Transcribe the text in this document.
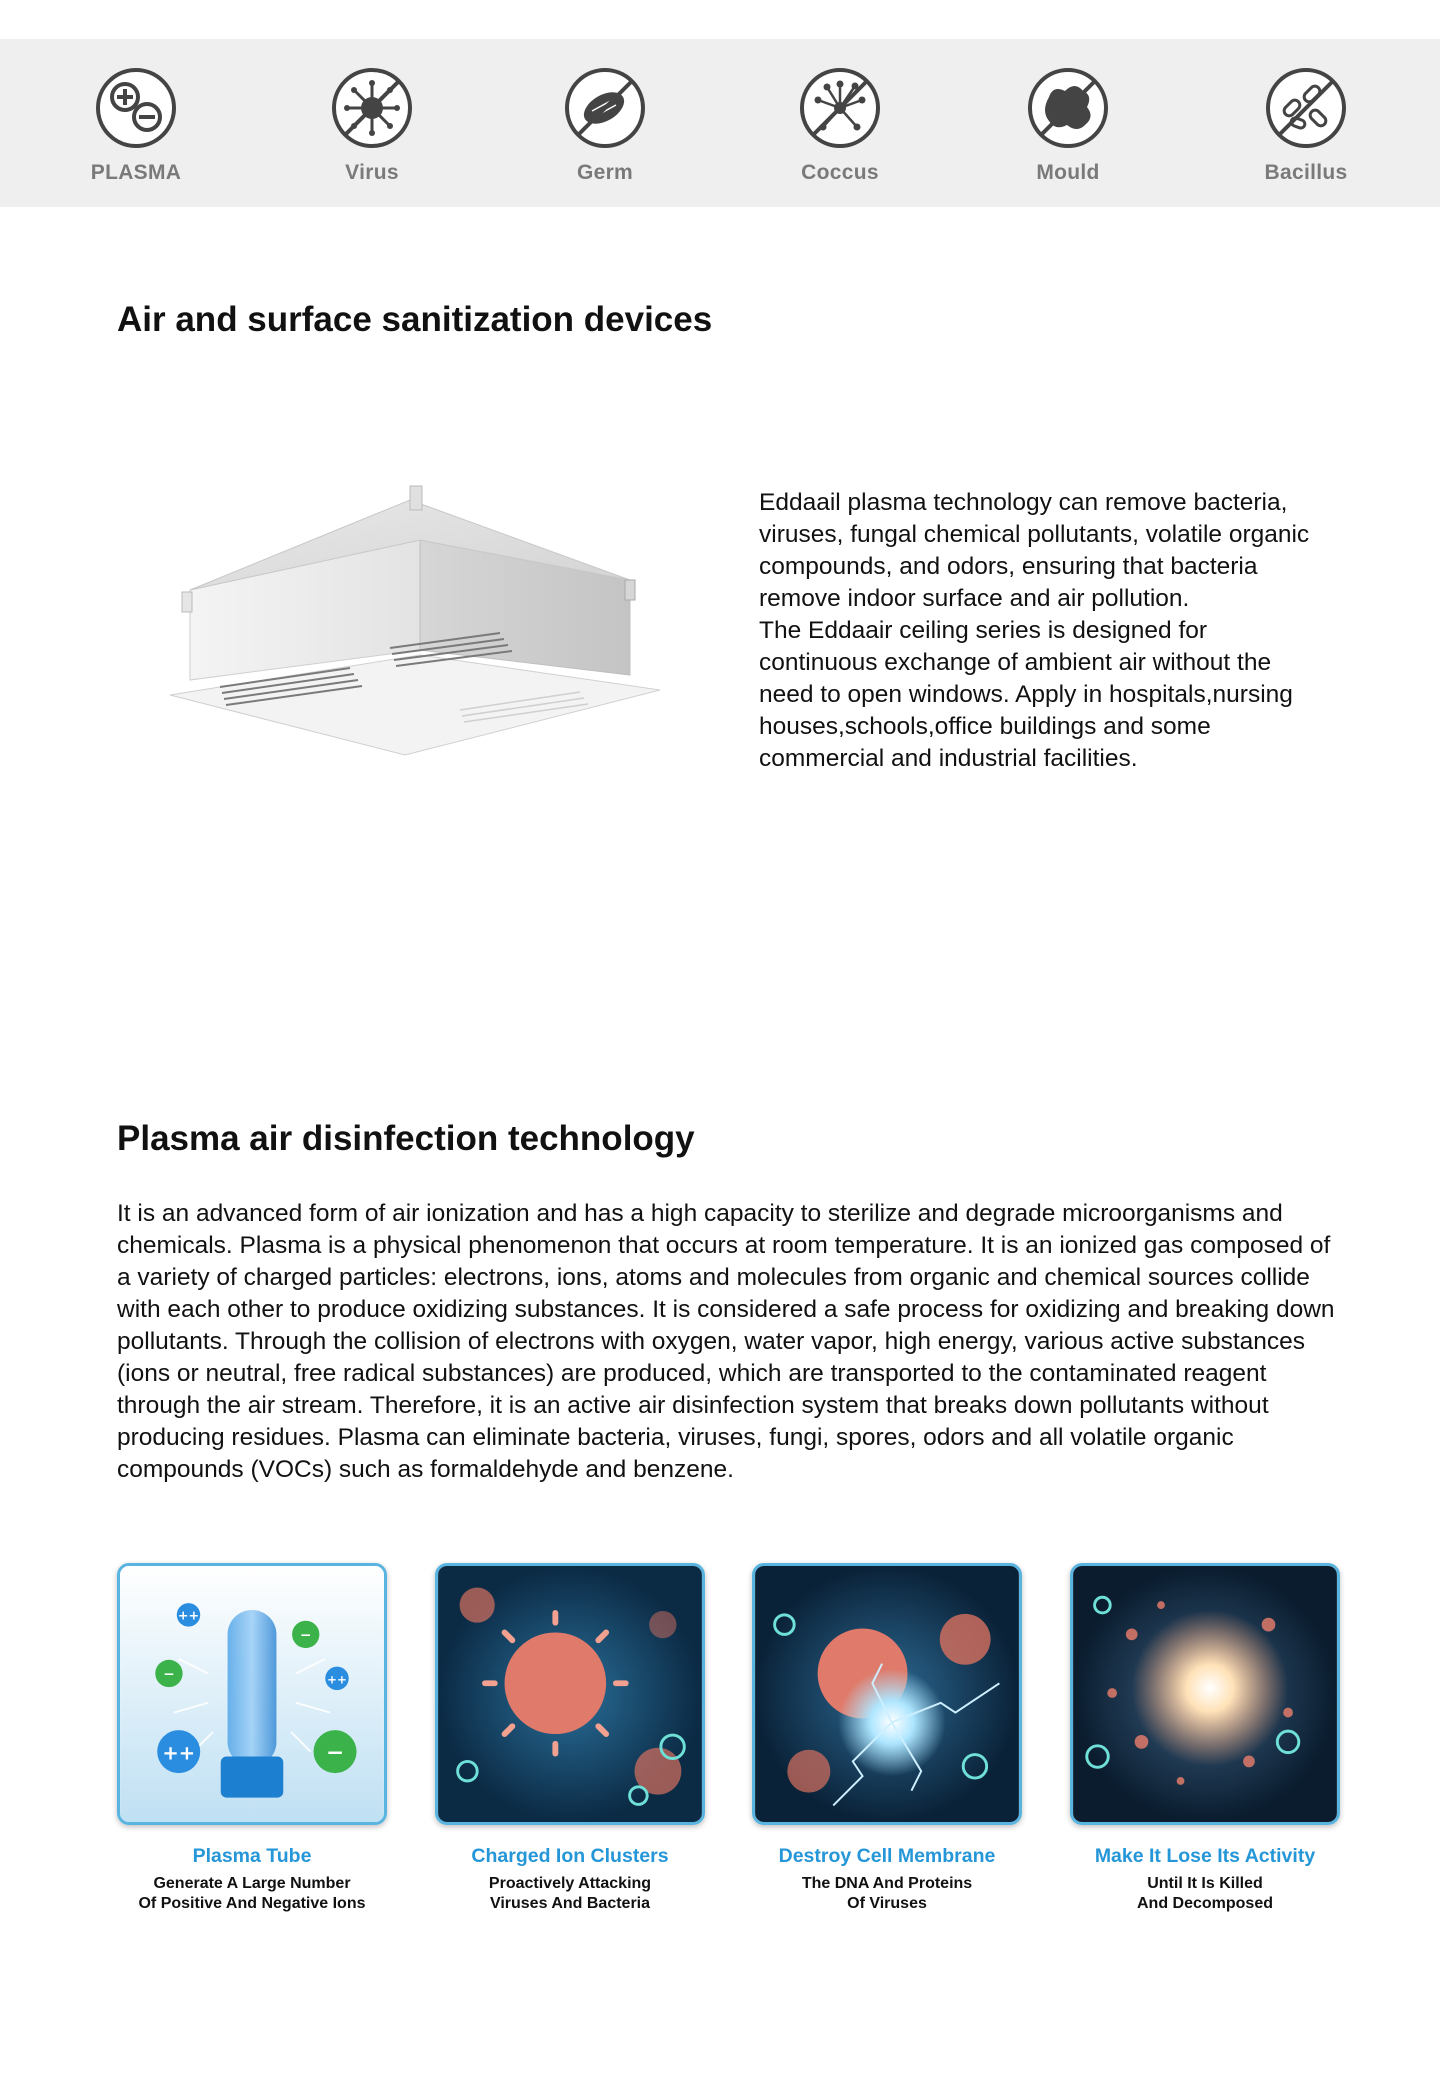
PLASMA	Virus	Germ	Coccus	Mould	Bacillus
Air and surface sanitization devices

Eddaail plasma technology can remove bacteria, viruses, fungal chemical pollutants, volatile organic compounds, and odors, ensuring that bacteria remove indoor surface and air pollution.

The Eddaair ceiling series is designed for continuous exchange of ambient air without the need to open windows. Apply in hospitals,nursing houses,schools,office buildings and some commercial and industrial facilities.

Plasma air disinfection technology

It is an advanced form of air ionization and has a high capacity to sterilize and degrade microorganisms and chemicals. Plasma is a physical phenomenon that occurs at room temperature. It is an ionized gas composed of a variety of charged particles: electrons, ions, atoms and molecules from organic and chemical sources collide with each other to produce oxidizing substances. It is considered a safe process for oxidizing and breaking down pollutants. Through the collision of electrons with oxygen, water vapor, high energy, various active substances (ions or neutral, free radical substances) are produced, which are transported to the contaminated reagent through the air stream. Therefore, it is an active air disinfection system that breaks down pollutants without producing residues. Plasma can eliminate bacteria, viruses, fungi, spores, odors and all volatile organic compounds (VOCs) such as formaldehyde and benzene.

++
−
−	++
++	−
Plasma Tube
Generate A Large Number
Of Positive And Negative Ions
Charged Ion Clusters
Proactively Attacking
Viruses And Bacteria
Destroy Cell Membrane
The DNA And Proteins
Of Viruses
Make It Lose Its Activity
Until It Is Killed
And Decomposed
